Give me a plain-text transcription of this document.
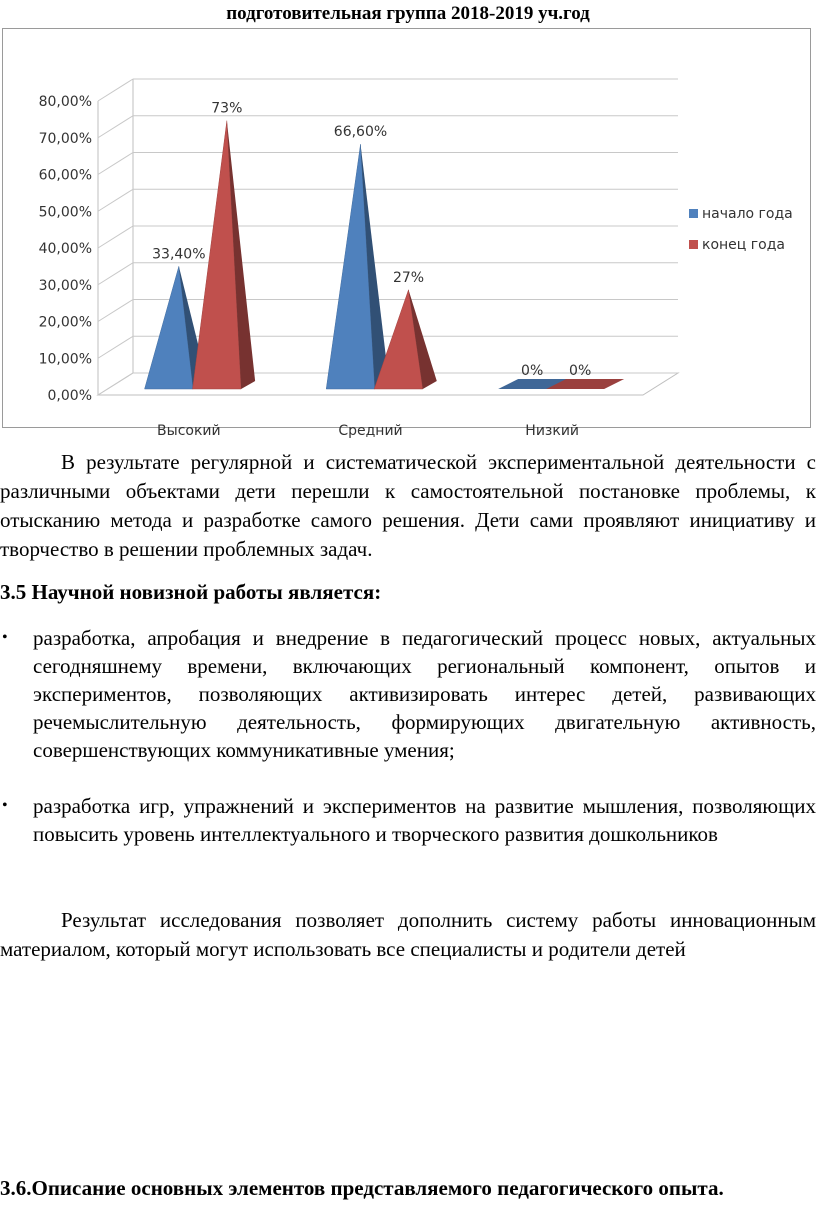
подготовительная группа 2018-2019 уч.год
0,00%
10,00%
20,00%
30,00%
40,00%
50,00%
60,00%
70,00%
80,00%
Высокий
33,40%
73%
Средний
66,60%
27%
Низкий
0% 0%
начало года
конец года

В результате регулярной и систематической экспериментальной деятельности с различными объектами дети перешли к самостоятельной постановке проблемы, к отысканию метода и разработке самого решения. Дети сами проявляют инициативу и творчество в решении проблемных задач.

3.5 Научной новизной работы является:
• разработка, апробация и внедрение в педагогический процесс новых, актуальных сегодняшнему времени, включающих региональный компонент, опытов и экспериментов, позволяющих активизировать интерес детей, развивающих речемыслительную деятельность, формирующих двигательную активность, совершенствующих коммуникативные умения;
• разработка игр, упражнений и экспериментов на развитие мышления, позволяющих повысить уровень интеллектуального и творческого развития дошкольников

Результат исследования позволяет дополнить систему работы инновационным материалом, который могут использовать все специалисты и родители детей

3.6.Описание основных элементов представляемого педагогического опыта.
